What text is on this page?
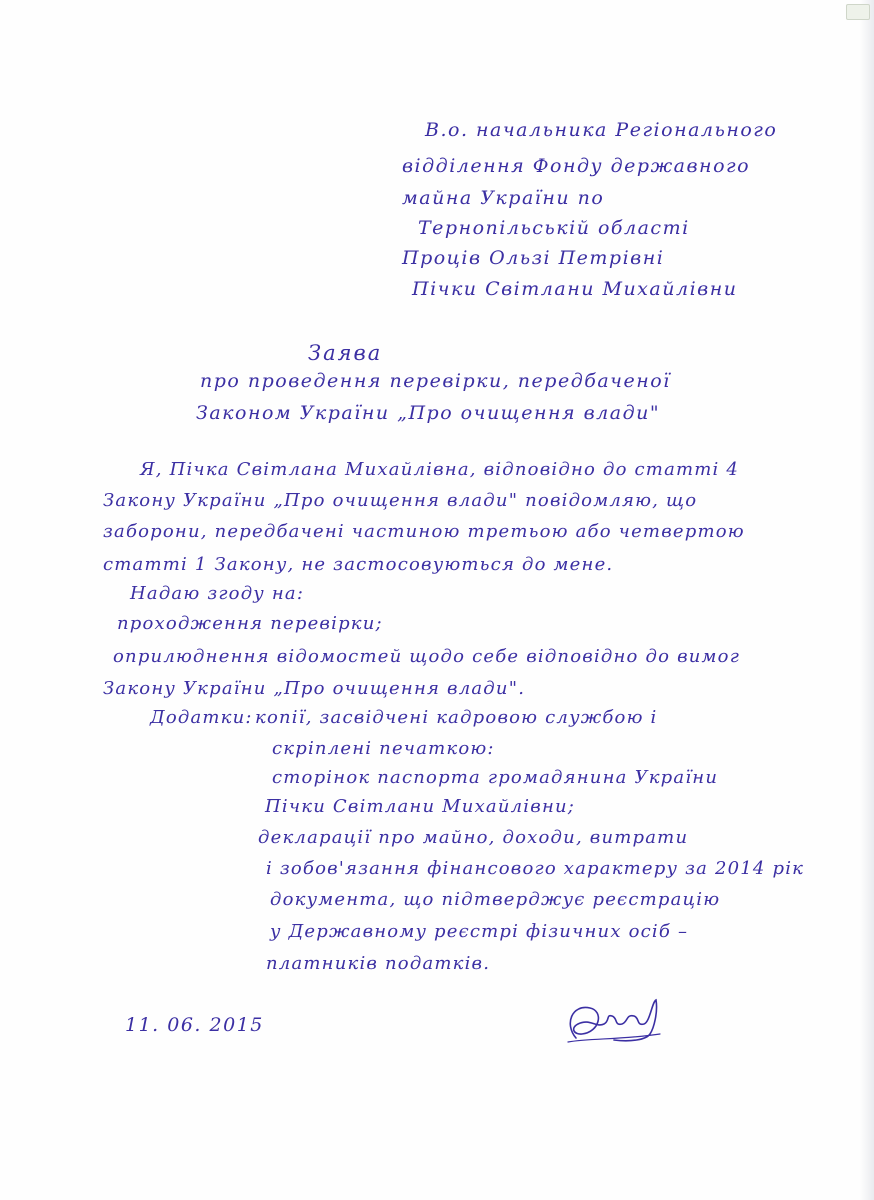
В.о. начальника Регіонального
відділення Фонду державного
майна України по
Тернопільській області
Проців Ользі Петрівні
Пічки Світлани Михайлівни
Заява
про проведення перевірки, передбаченої
Законом України „Про очищення влади"
Я, Пічка Світлана Михайлівна, відповідно до статті 4
Закону України „Про очищення влади" повідомляю, що
заборони, передбачені частиною третьою або четвертою
статті 1 Закону, не застосовуються до мене.
Надаю згоду на:
проходження перевірки;
оприлюднення відомостей щодо себе відповідно до вимог
Закону України „Про очищення влади".
Додатки: копії, засвідчені кадровою службою і
скріплені печаткою:
сторінок паспорта громадянина України
Пічки Світлани Михайлівни;
декларації про майно, доходи, витрати
і зобов'язання фінансового характеру за 2014 рік
документа, що підтверджує реєстрацію
у Державному реєстрі фізичних осіб –
платників податків.
11. 06. 2015
